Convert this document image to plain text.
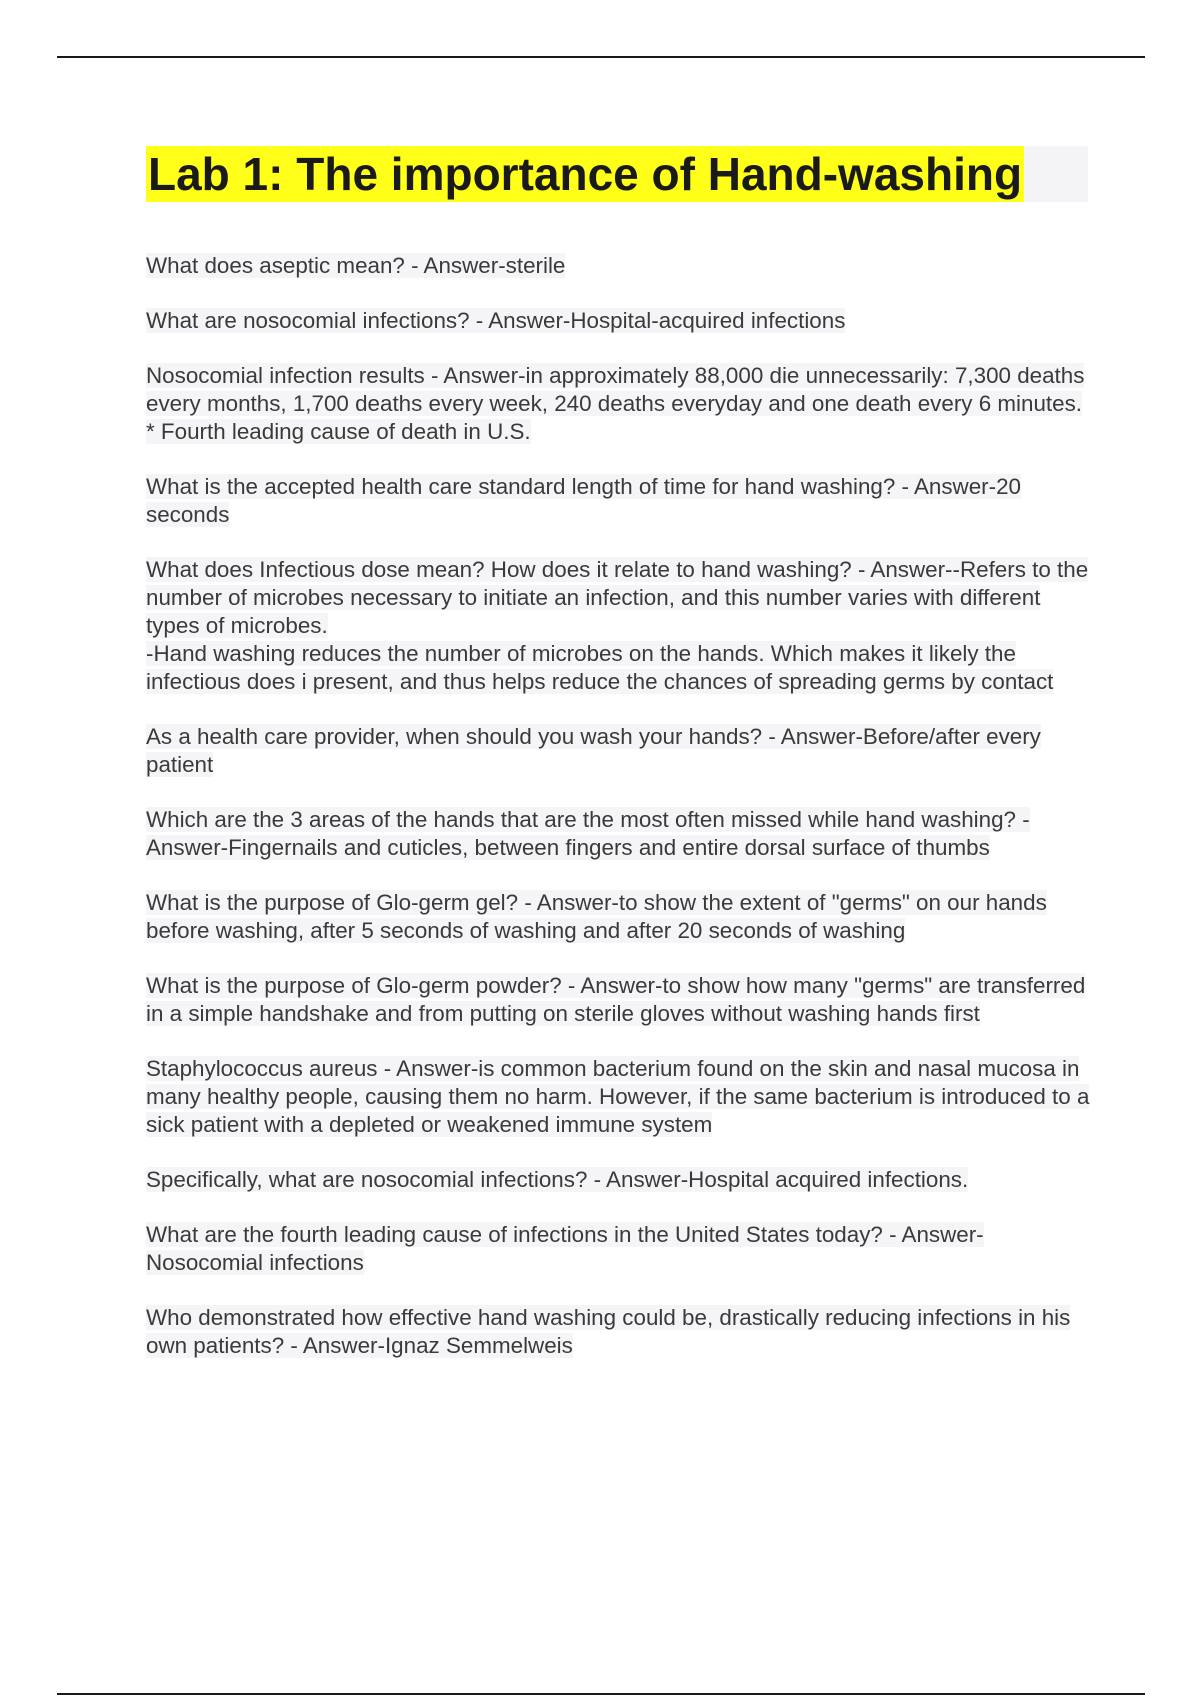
Lab 1: The importance of Hand-washing
What does aseptic mean? - Answer-sterile
What are nosocomial infections? - Answer-Hospital-acquired infections
Nosocomial infection results - Answer-in approximately 88,000 die unnecessarily: 7,300 deaths every months, 1,700 deaths every week, 240 deaths everyday and one death every 6 minutes.
* Fourth leading cause of death in U.S.
What is the accepted health care standard length of time for hand washing? - Answer-20 seconds
What does Infectious dose mean? How does it relate to hand washing? - Answer--Refers to the number of microbes necessary to initiate an infection, and this number varies with different types of microbes.
-Hand washing reduces the number of microbes on the hands. Which makes it likely the infectious does i present, and thus helps reduce the chances of spreading germs by contact
As a health care provider, when should you wash your hands? - Answer-Before/after every patient
Which are the 3 areas of the hands that are the most often missed while hand washing? - Answer-Fingernails and cuticles, between fingers and entire dorsal surface of thumbs
What is the purpose of Glo-germ gel? - Answer-to show the extent of "germs" on our hands before washing, after 5 seconds of washing and after 20 seconds of washing
What is the purpose of Glo-germ powder? - Answer-to show how many "germs" are transferred in a simple handshake and from putting on sterile gloves without washing hands first
Staphylococcus aureus - Answer-is common bacterium found on the skin and nasal mucosa in many healthy people, causing them no harm. However, if the same bacterium is introduced to a sick patient with a depleted or weakened immune system
Specifically, what are nosocomial infections? - Answer-Hospital acquired infections.
What are the fourth leading cause of infections in the United States today? - Answer-Nosocomial infections
Who demonstrated how effective hand washing could be, drastically reducing infections in his own patients? - Answer-Ignaz Semmelweis
